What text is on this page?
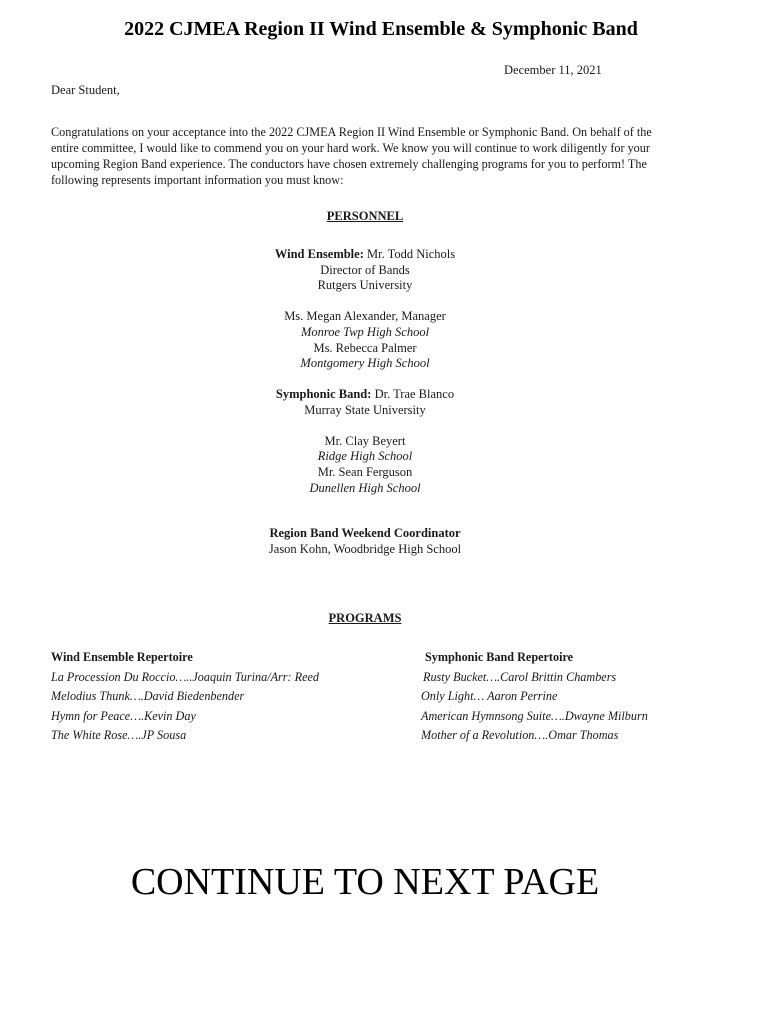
2022 CJMEA Region II Wind Ensemble & Symphonic Band
December 11, 2021
Dear Student,
Congratulations on your acceptance into the 2022 CJMEA Region II Wind Ensemble or Symphonic Band. On behalf of the
entire committee, I would like to commend you on your hard work. We know you will continue to work diligently for your
upcoming Region Band experience. The conductors have chosen extremely challenging programs for you to perform! The
following represents important information you must know:
PERSONNEL
Wind Ensemble: Mr. Todd Nichols
Director of Bands
Rutgers University
Ms. Megan Alexander, Manager
Monroe Twp High School
Ms. Rebecca Palmer
Montgomery High School
Symphonic Band: Dr. Trae Blanco
Murray State University
Mr. Clay Beyert
Ridge High School
Mr. Sean Ferguson
Dunellen High School
Region Band Weekend Coordinator
Jason Kohn, Woodbridge High School
PROGRAMS
Wind Ensemble Repertoire
La Procession Du Roccio…..Joaquin Turina/Arr: Reed
Melodius Thunk….David Biedenbender
Hymn for Peace….Kevin Day
The White Rose….JP Sousa
Symphonic Band Repertoire
Rusty Bucket….Carol Brittin Chambers
Only Light… Aaron Perrine
American Hymnsong Suite….Dwayne Milburn
Mother of a Revolution….Omar Thomas
CONTINUE TO NEXT PAGE
